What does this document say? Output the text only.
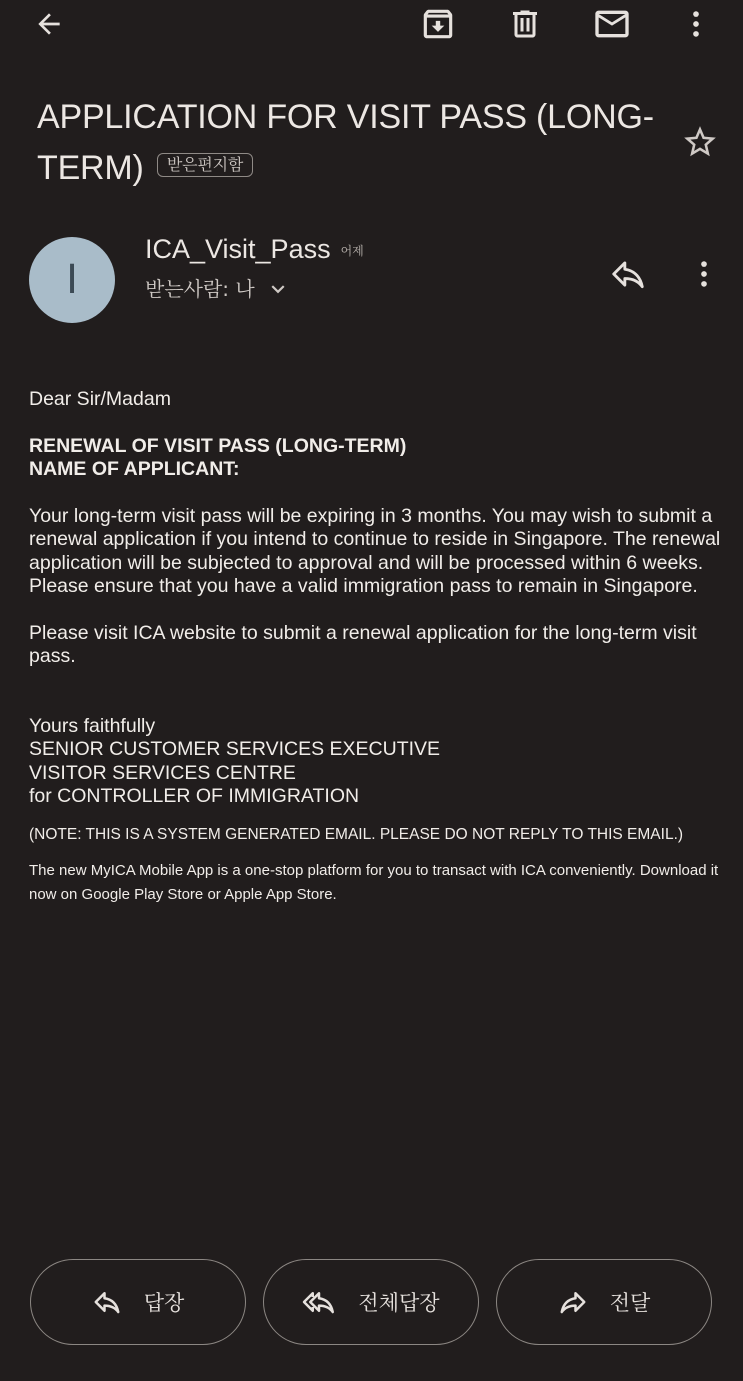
APPLICATION FOR VISIT PASS (LONG-TERM) 받은편지함
I
ICA_Visit_Pass 어제
받는사람: 나

Dear Sir/Madam

RENEWAL OF VISIT PASS (LONG-TERM)

NAME OF APPLICANT:

Your long-term visit pass will be expiring in 3 months. You may wish to submit a renewal application if you intend to continue to reside in Singapore. The renewal application will be subjected to approval and will be processed within 6 weeks. Please ensure that you have a valid immigration pass to remain in Singapore.

Please visit ICA website to submit a renewal application for the long-term visit pass.

Yours faithfully

SENIOR CUSTOMER SERVICES EXECUTIVE

VISITOR SERVICES CENTRE

for CONTROLLER OF IMMIGRATION

(NOTE: THIS IS A SYSTEM GENERATED EMAIL. PLEASE DO NOT REPLY TO THIS EMAIL.)

The new MyICA Mobile App is a one-stop platform for you to transact with ICA conveniently. Download it now on Google Play Store or Apple App Store.

답장	전체답장	전달
